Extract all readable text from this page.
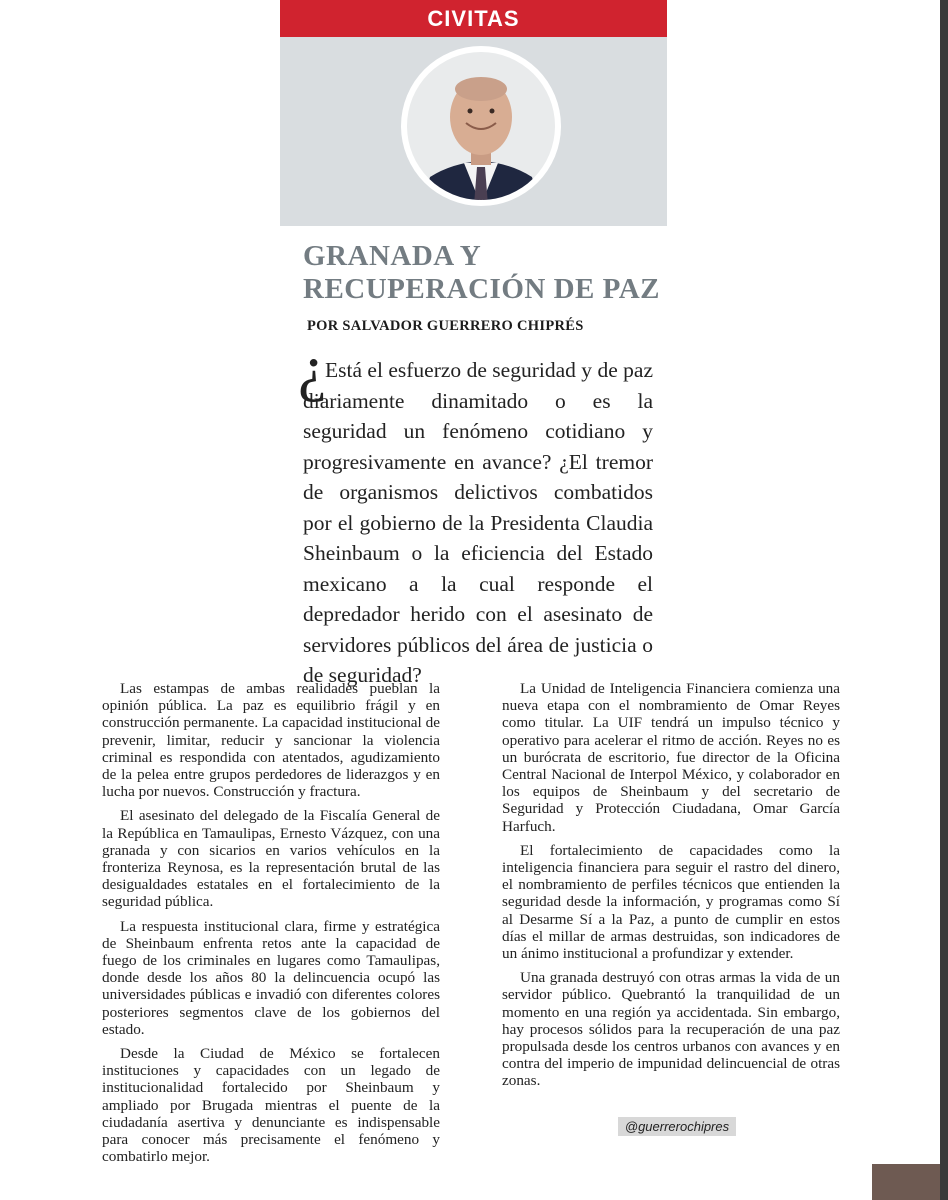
CIVITAS
GRANADA Y
RECUPERACIÓN DE PAZ
POR SALVADOR GUERRERO CHIPRÉS
¿

Está el esfuerzo de seguridad y de paz diariamente dinamitado o es la seguridad un fenómeno cotidiano y progresivamente en avance? ¿El tremor de organismos delictivos combatidos por el gobierno de la Presidenta Claudia Sheinbaum o la eficiencia del Estado mexicano a la cual responde el depredador herido con el asesinato de servidores públicos del área de justicia o de seguridad?

Las estampas de ambas realidades pueblan la opinión pública. La paz es equilibrio frágil y en construcción permanente. La capacidad institucional de prevenir, limitar, reducir y sancionar la violencia criminal es respondida con atentados, agudizamiento de la pelea entre grupos perdedores de liderazgos y en lucha por nuevos. Construcción y fractura.

El asesinato del delegado de la Fiscalía General de la República en Tamaulipas, Ernesto Vázquez, con una granada y con sicarios en varios vehículos en la fronteriza Reynosa, es la representación brutal de las desigualdades estatales en el fortalecimiento de la seguridad pública.

La respuesta institucional clara, firme y estratégica de Sheinbaum enfrenta retos ante la capacidad de fuego de los criminales en lugares como Tamaulipas, donde desde los años 80 la delincuencia ocupó las universidades públicas e invadió con diferentes colores posteriores segmentos clave de los gobiernos del estado.

Desde la Ciudad de México se fortalecen instituciones y capacidades con un legado de institucionalidad fortalecido por Sheinbaum y ampliado por Brugada mientras el puente de la ciudadanía asertiva y denunciante es indispensable para conocer más precisamente el fenómeno y combatirlo mejor.

La Unidad de Inteligencia Financiera comienza una nueva etapa con el nombramiento de Omar Reyes como titular. La UIF tendrá un impulso técnico y operativo para acelerar el ritmo de acción. Reyes no es un burócrata de escritorio, fue director de la Oficina Central Nacional de Interpol México, y colaborador en los equipos de Sheinbaum y del secretario de Seguridad y Protección Ciudadana, Omar García Harfuch.

El fortalecimiento de capacidades como la inteligencia financiera para seguir el rastro del dinero, el nombramiento de perfiles técnicos que entienden la seguridad desde la información, y programas como Sí al Desarme Sí a la Paz, a punto de cumplir en estos días el millar de armas destruidas, son indicadores de un ánimo institucional a profundizar y extender.

Una granada destruyó con otras armas la vida de un servidor público. Quebrantó la tranquilidad de un momento en una región ya accidentada. Sin embargo, hay procesos sólidos para la recuperación de una paz propulsada desde los centros urbanos con avances y en contra del imperio de impunidad delincuencial de otras zonas.

@guerrerochipres
